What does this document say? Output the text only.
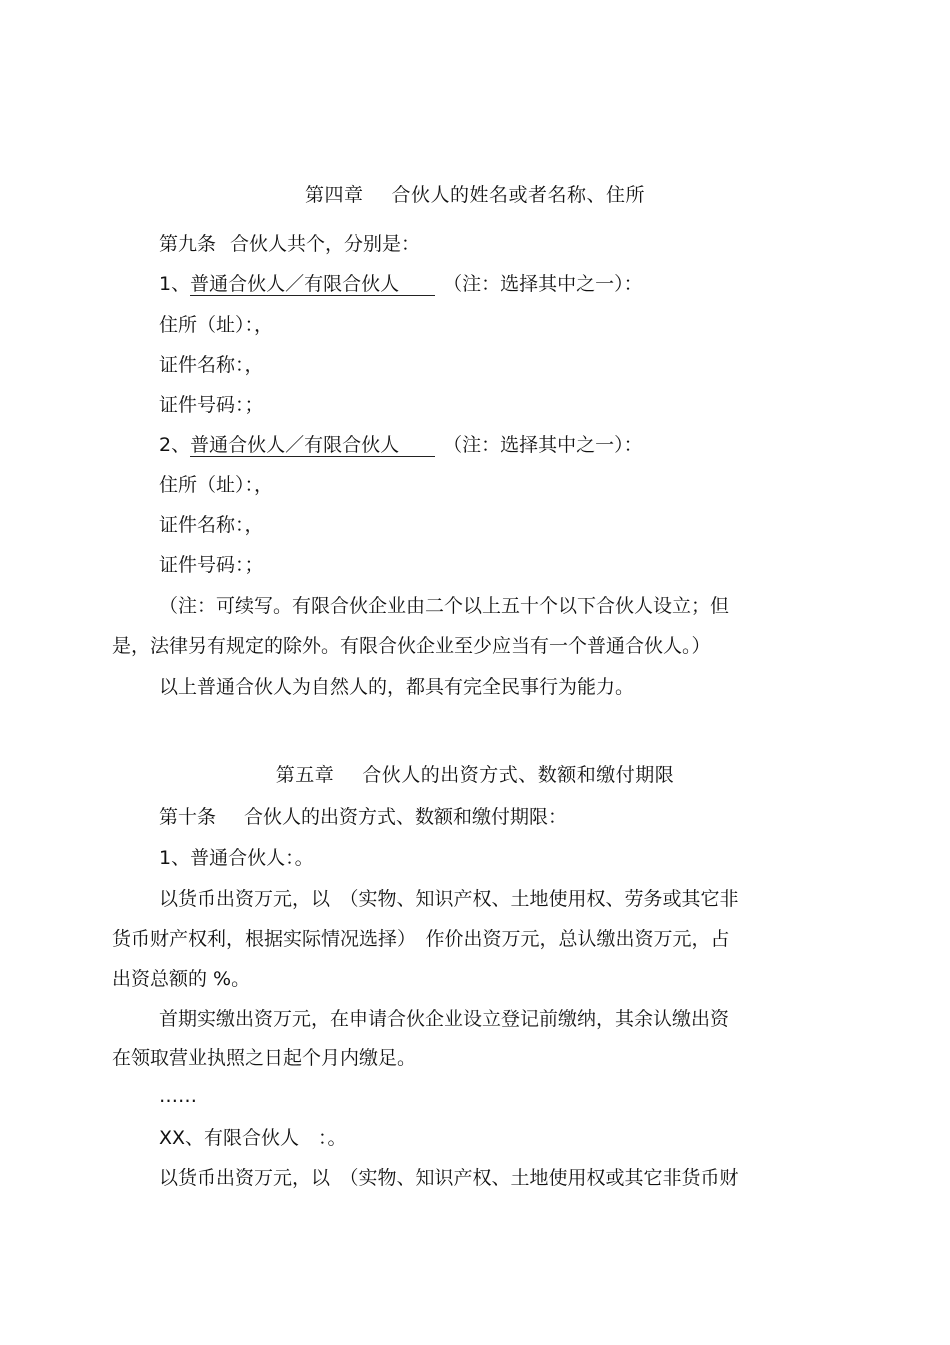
第四章 合伙人的姓名或者名称、住所
第九条 合伙人共个，分别是：
1、普通合伙人／有限合伙人 （注：选择其中之一）：
住所（址）：，
证件名称：，
证件号码：；
2、普通合伙人／有限合伙人 （注：选择其中之一）：
住所（址）：，
证件名称：，
证件号码：；
（注：可续写。有限合伙企业由二个以上五十个以下合伙人设立；但
是，法律另有规定的除外。有限合伙企业至少应当有一个普通合伙人。）
以上普通合伙人为自然人的，都具有完全民事行为能力。
第五章 合伙人的出资方式、数额和缴付期限
第十条 合伙人的出资方式、数额和缴付期限：
1、普通合伙人：。
以货币出资万元，以　（实物、知识产权、土地使用权、劳务或其它非
货币财产权利，根据实际情况选择）　作价出资万元，总认缴出资万元，占
出资总额的 %。
首期实缴出资万元，在申请合伙企业设立登记前缴纳，其余认缴出资
在领取营业执照之日起个月内缴足。
……
XX、有限合伙人　：。
以货币出资万元，以　（实物、知识产权、土地使用权或其它非货币财
